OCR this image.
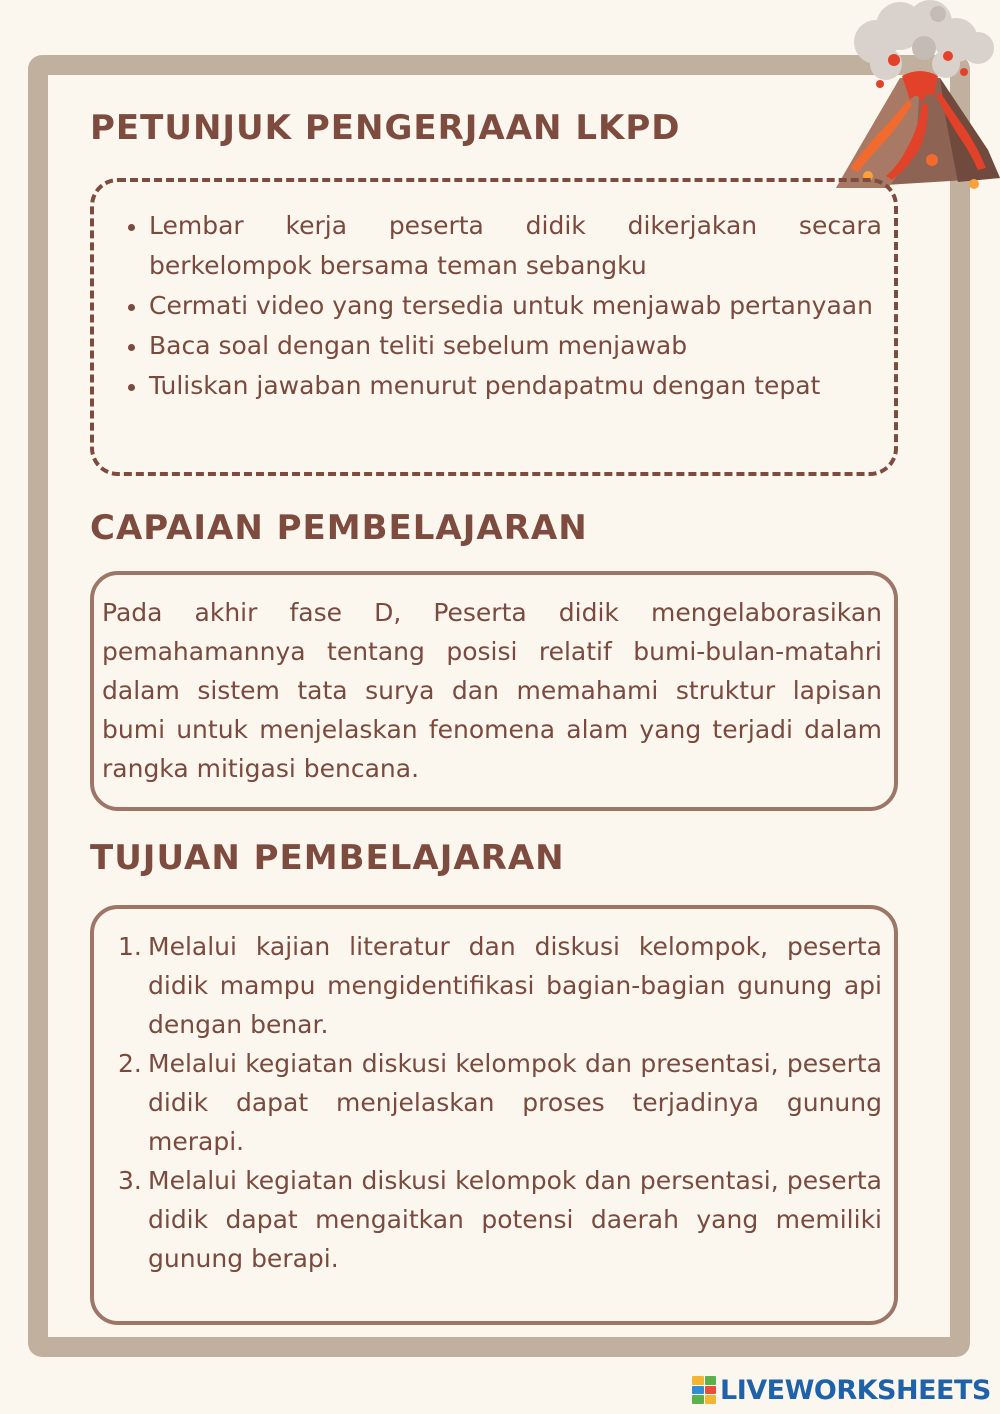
PETUNJUK PENGERJAAN LKPD
Lembar kerja peserta didik dikerjakan secara berkelompok bersama teman sebangku
Cermati video yang tersedia untuk menjawab pertanyaan
Baca soal dengan teliti sebelum menjawab
Tuliskan jawaban menurut pendapatmu dengan tepat
CAPAIAN PEMBELAJARAN

Pada akhir fase D, Peserta didik mengelaborasikan pemahamannya tentang posisi relatif bumi-bulan-matahri dalam sistem tata surya dan memahami struktur lapisan bumi untuk menjelaskan fenomena alam yang terjadi dalam rangka mitigasi bencana.

TUJUAN PEMBELAJARAN
1. Melalui kajian literatur dan diskusi kelompok, peserta didik mampu mengidentifikasi bagian-bagian gunung api dengan benar.
2. Melalui kegiatan diskusi kelompok dan presentasi, peserta didik dapat menjelaskan proses terjadinya gunung merapi.
3. Melalui kegiatan diskusi kelompok dan persentasi, peserta didik dapat mengaitkan potensi daerah yang memiliki gunung berapi.
LIVEWORKSHEETS
